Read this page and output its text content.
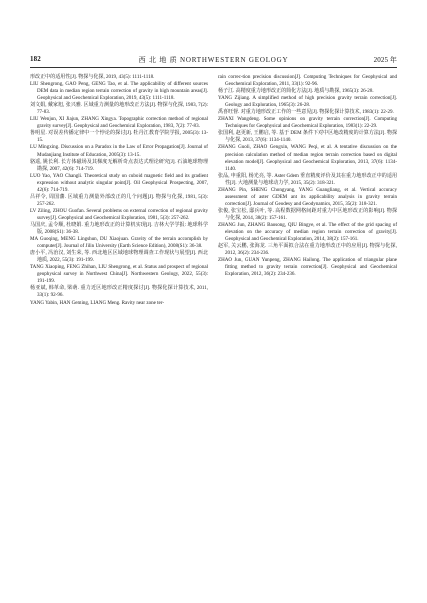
182	西 北 地 质 NORTHWESTERN GEOLOGY	2025 年

形改正中的适用性[J]. 物探与化探, 2019, 43(5): 1111-1118.

LIU Shengrong, GAO Peng, GENG Tao, et al. The applicability of different sources DEM data in median region terrain correction of gravity in high mountain areas[J]. Geophysical and Geochemical Exploration, 2019, 43(5): 1111-1118.

刘文娟, 戴家旭, 张兴雅. 区域重力测量的地形改正方法[J]. 物探与化探, 1983, 7(2): 77-83.

LIU Wenjun, XI Jiajun, ZHANG Xingya. Topographic correction method of regional gravity survey[J]. Geophysical and Geochemical Exploration, 1983, 7(2): 77-83.

鲁明星. 对误差传播定律中一个悖论的探讨[J]. 牡丹江教育学院学报, 2005(3): 13-15.

LU Mingxing. Discussion on a Paradox in the Law of Error Propagation[J]. Journal of Mudanjiang Institute of Education, 2005(3): 13-15.

骆遥, 姚长利. 长方体磁场及其梯度无解析奇点表达式理论研究[J]. 石油地球物理勘探, 2007, 42(6): 714-719.

LUO Yao, YAO Changli. Theoretical study on cuboid magnetic field and its gradient expression without analytic singular point[J]. Oil Geophysical Prospecting, 2007, 42(6): 714-719.

吕祥令, 周国藩. 区域重力测量外部改正的几个问题[J]. 物探与化探, 1981, 5(3): 257-262.

LV Ziling, ZHOU Guofan. Several problems on external correction of regional gravity survey[J]. Geophysical and Geochemical Exploration, 1981, 5(3): 257-262.

马国庆, 孟令顺, 杜晓娟. 重力地形改正的计算机实现[J]. 吉林大学学报: 地球科学版, 2008(S1): 36-38.

MA Guoqing, MENG Lingshun, DU Xiaojuan. Gravity of the terrain accomplish by computer[J]. Journal of Jilin University (Earth Science Edition), 2008(S1): 36-38.

唐小平, 冯治汉, 刘生荣, 等. 西北地区区域地球物理调查工作现状与展望[J]. 西北地质, 2022, 55(3): 191-199.

TANG Xiaoping, FENG Zhihan, LIU Shengrong, et al. Status and prospect of regional geophysical survey in Northwest China[J]. Northwestern Geology, 2022, 55(3): 191-199.

杨亚斌, 韩革命, 梁萌. 重力近区地形改正精度探讨[J]. 物探化探计算技术, 2011, 33(1): 92-96.

YANG Yabin, HAN Geming, LIANG Meng. Ravity near zone ter-

rain correc-tion precision discussion[J]. Computing Techniques for Geophysical and Geochemical Exploration, 2011, 33(1): 92-96.

杨子江. 高精度重力地形改正的简化方法[J]. 地质与勘探, 1965(3): 26-28.

YANG Zijiang. A simplified method of high precision gravity terrain correction[J]. Geology and Exploration, 1965(3): 26-28.

禹喜旺督. 对重力地形改正工作的一些意见[J]. 物探化探计算技术, 1983(1): 22-29.

ZHAXI Wangdeng. Some opinions on gravity terrain correction[J]. Computing Techniques for Geophysical and Geochemical Exploration, 1983(1): 22-29.

张国利, 赵更新, 王鹏启, 等. 基于 DEM 条件下对中区地改精度的计算方法[J]. 物探与化探, 2013, 37(6): 1134-1140.

ZHANG Guoli, ZHAO Gengxin, WANG Peqi, et al. A tentative discussion on the precision calculation method of median region terrain correction based on digital elevation model[J]. Geophysical and Geochemical Exploration, 2013, 37(6): 1134-1140.

张品, 申重阳, 杨光亮, 等. Aster Gdem 垂直精度评价及其在重力地形改正中的适用性[J]. 大地测量与地球动力学, 2015, 35(2): 318-321.

ZHANG Pin, SHENG Chongyang, YANG Guangliang, et al. Vertical accuracy assessment of aster GDEM ant its applicability analysis in gravity terrain correction[J]. Journal of Geodesy and Geodynamics, 2015, 35(2): 318-321.

张俊, 张宝松, 邸兵叶, 等. 高程数据网格间距对重力中区地形改正的影响[J]. 物探与化探, 2014, 38(2): 157-161.

ZHANG Jun, ZHANG Baosong, QIU Bingye, et al. The effect of the grid spacing of elevation on the accuracy of median region terrain correction of gravity[J]. Geophysical and Geochemical Exploration, 2014, 38(2): 157-161.

赵军, 关云鹏, 张海龙. 三角平面拟合法在重力地形改正中的应用[J]. 物探与化探, 2012, 36(2): 234-236.

ZHAO Jun, GUAN Yunpeng, ZHANG Hailong. The application of triangular plane fitting method to gravity terrain correction[J]. Geophysical and Geochemical Exploration, 2012, 36(2): 234-236.
